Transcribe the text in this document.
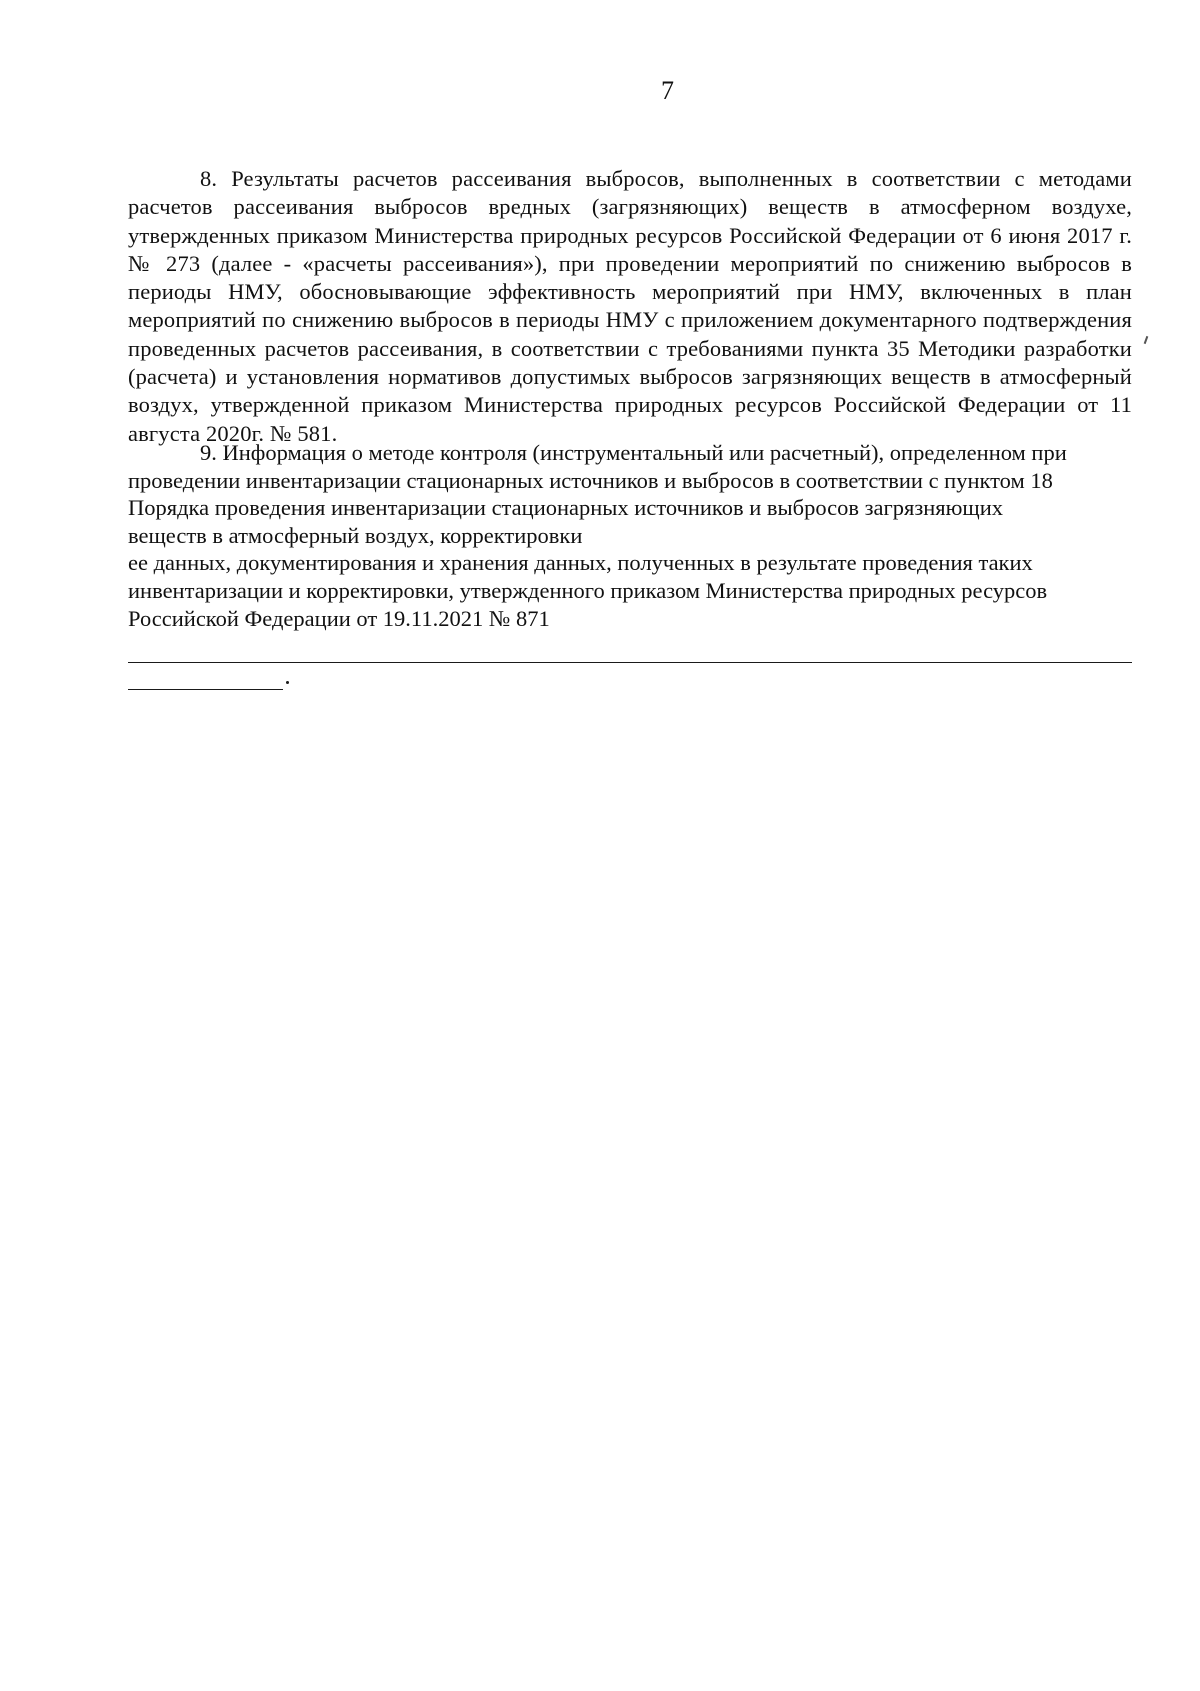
7
8. Результаты расчетов рассеивания выбросов, выполненных в соответствии с методами расчетов рассеивания выбросов вредных (загрязняющих) веществ в атмосферном воздухе, утвержденных приказом Министерства природных ресурсов Российской Федерации от 6 июня 2017 г. № 273 (далее - «расчеты рассеивания»), при проведении мероприятий по снижению выбросов в периоды НМУ, обосновывающие эффективность мероприятий при НМУ, включенных в план мероприятий по снижению выбросов в периоды НМУ с приложением документарного подтверждения проведенных расчетов рассеивания, в соответствии с требованиями пункта 35 Методики разработки (расчета) и установления нормативов допустимых выбросов загрязняющих веществ в атмосферный воздух, утвержденной приказом Министерства природных ресурсов Российской Федерации от 11 августа 2020г. № 581.
9. Информация о методе контроля (инструментальный или расчетный), определенном при
проведении инвентаризации стационарных источников и выбросов в соответствии с пунктом 18
Порядка проведения инвентаризации стационарных источников и выбросов загрязняющих
веществ в атмосферный воздух, корректировки
ее данных, документирования и хранения данных, полученных в результате проведения таких
инвентаризации и корректировки, утвержденного приказом Министерства природных ресурсов
Российской Федерации от 19.11.2021 № 871
